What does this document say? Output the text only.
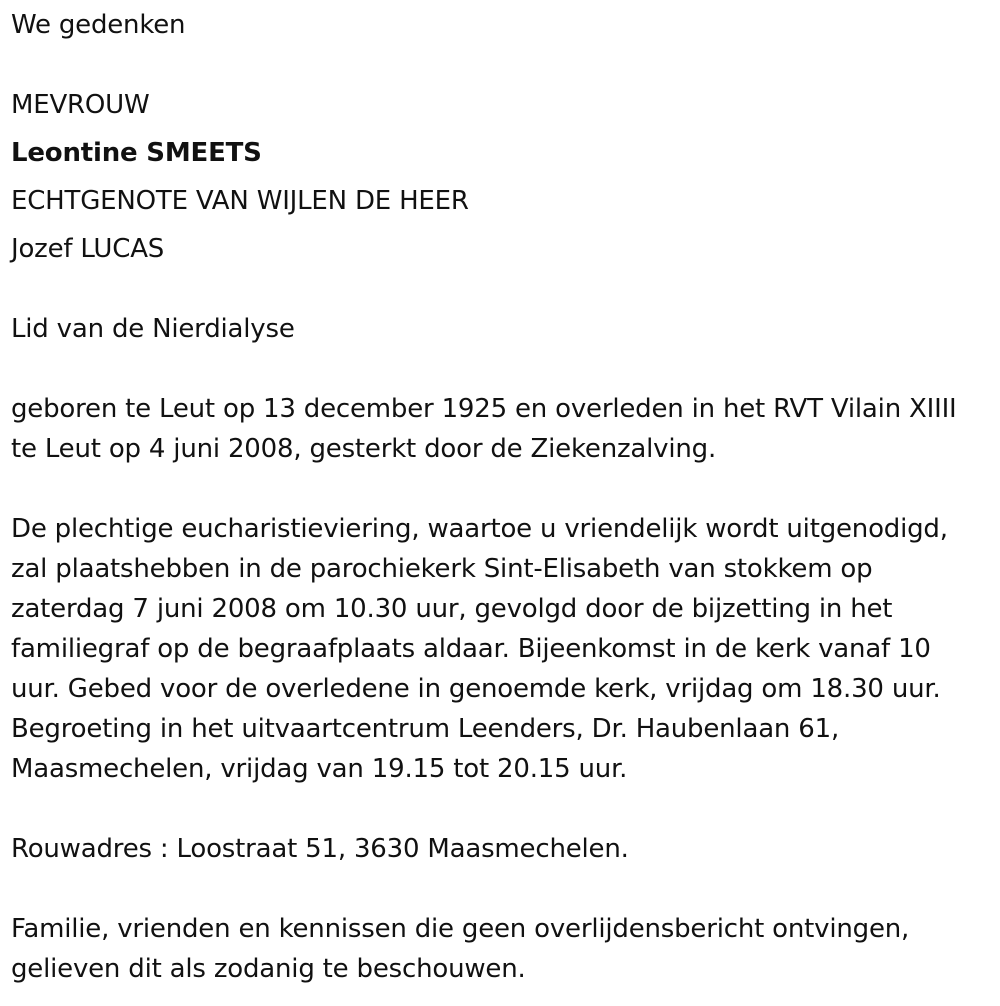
We gedenken
MEVROUW
Leontine SMEETS
ECHTGENOTE VAN WIJLEN DE HEER
Jozef LUCAS
Lid van de Nierdialyse
geboren te Leut op 13 december 1925 en overleden in het RVT Vilain XIIII
te Leut op 4 juni 2008, gesterkt door de Ziekenzalving.
De plechtige eucharistieviering, waartoe u vriendelijk wordt uitgenodigd,
zal plaatshebben in de parochiekerk Sint-Elisabeth van stokkem op
zaterdag 7 juni 2008 om 10.30 uur, gevolgd door de bijzetting in het
familiegraf op de begraafplaats aldaar. Bijeenkomst in de kerk vanaf 10
uur. Gebed voor de overledene in genoemde kerk, vrijdag om 18.30 uur.
Begroeting in het uitvaartcentrum Leenders, Dr. Haubenlaan 61,
Maasmechelen, vrijdag van 19.15 tot 20.15 uur.
Rouwadres : Loostraat 51, 3630 Maasmechelen.
Familie, vrienden en kennissen die geen overlijdensbericht ontvingen,
gelieven dit als zodanig te beschouwen.
